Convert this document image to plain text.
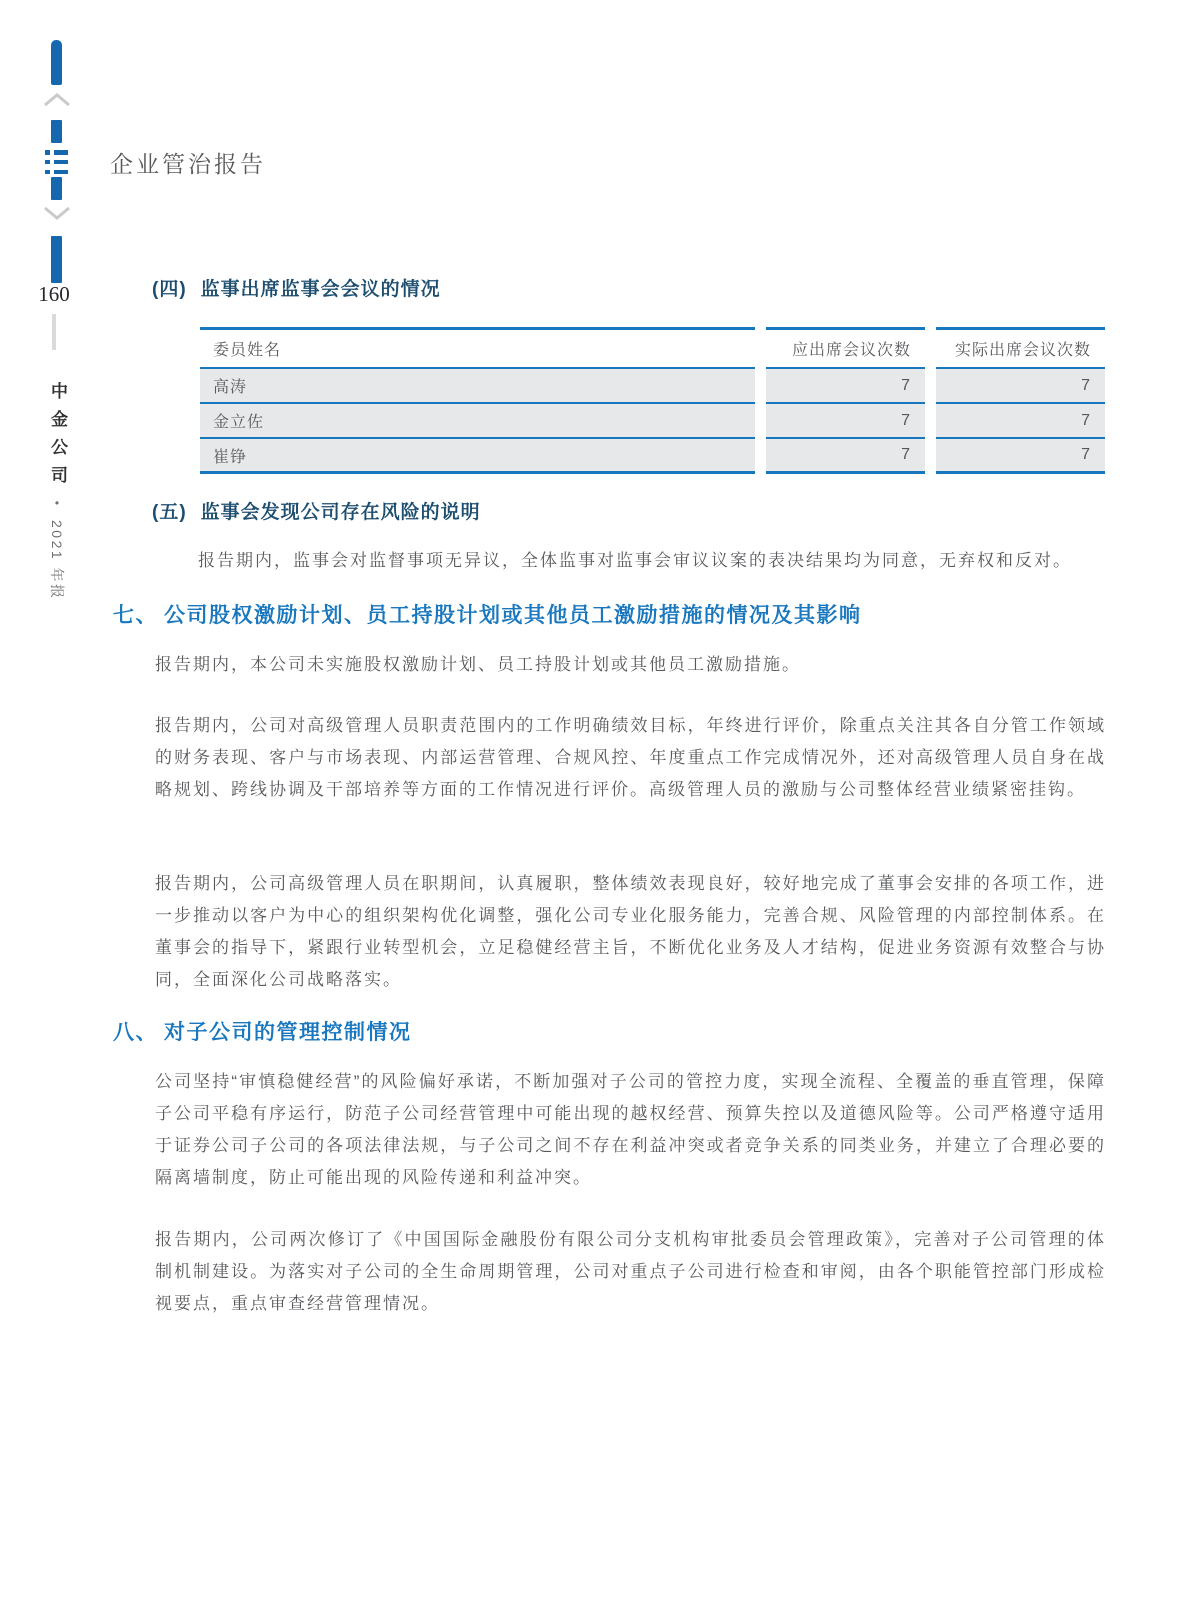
160
中金公司•2021 年报
企业管治报告
(四) 监事出席监事会会议的情况
委员姓名	应出席会议次数	实际出席会议次数
高涛	7	7
金立佐	7	7
崔铮	7	7
(五) 监事会发现公司存在风险的说明
报告期内，监事会对监督事项无异议，全体监事对监事会审议议案的表决结果均为同意，无弃权和反对。
七、 公司股权激励计划、员工持股计划或其他员工激励措施的情况及其影响
报告期内，本公司未实施股权激励计划、员工持股计划或其他员工激励措施。
报告期内，公司对高级管理人员职责范围内的工作明确绩效目标，年终进行评价，除重点关注其各自分管工作领域的财务表现、客户与市场表现、内部运营管理、合规风控、年度重点工作完成情况外，还对高级管理人员自身在战略规划、跨线协调及干部培养等方面的工作情况进行评价。高级管理人员的激励与公司整体经营业绩紧密挂钩。
报告期内，公司高级管理人员在职期间，认真履职，整体绩效表现良好，较好地完成了董事会安排的各项工作，进一步推动以客户为中心的组织架构优化调整，强化公司专业化服务能力，完善合规、风险管理的内部控制体系。在董事会的指导下，紧跟行业转型机会，立足稳健经营主旨，不断优化业务及人才结构，促进业务资源有效整合与协同，全面深化公司战略落实。
八、 对子公司的管理控制情况
公司坚持“审慎稳健经营”的风险偏好承诺，不断加强对子公司的管控力度，实现全流程、全覆盖的垂直管理，保障子公司平稳有序运行，防范子公司经营管理中可能出现的越权经营、预算失控以及道德风险等。公司严格遵守适用于证券公司子公司的各项法律法规，与子公司之间不存在利益冲突或者竞争关系的同类业务，并建立了合理必要的隔离墙制度，防止可能出现的风险传递和利益冲突。
报告期内，公司两次修订了《中国国际金融股份有限公司分支机构审批委员会管理政策》，完善对子公司管理的体制机制建设。为落实对子公司的全生命周期管理，公司对重点子公司进行检查和审阅，由各个职能管控部门形成检视要点，重点审查经营管理情况。
